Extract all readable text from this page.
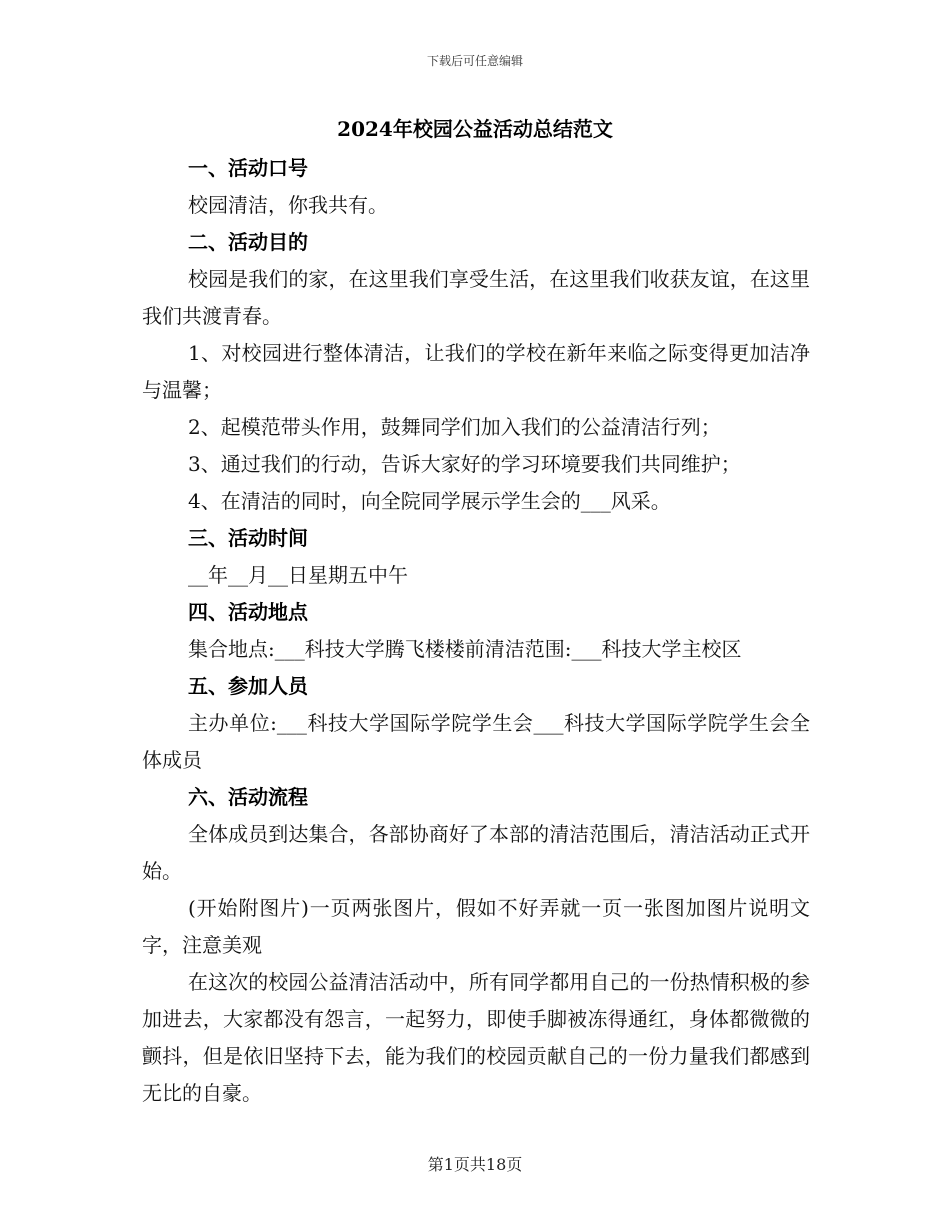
下载后可任意编辑
2024年校园公益活动总结范文
一、活动口号
校园清洁，你我共有。
二、活动目的
校园是我们的家，在这里我们享受生活，在这里我们收获友谊，在这里我们共渡青春。
1、对校园进行整体清洁，让我们的学校在新年来临之际变得更加洁净与温馨；
2、起模范带头作用，鼓舞同学们加入我们的公益清洁行列；
3、通过我们的行动，告诉大家好的学习环境要我们共同维护；
4、在清洁的同时，向全院同学展示学生会的___风采。
三、活动时间
__年__月__日星期五中午
四、活动地点
集合地点:___科技大学腾飞楼楼前清洁范围:___科技大学主校区
五、参加人员
主办单位:___科技大学国际学院学生会___科技大学国际学院学生会全体成员
六、活动流程
全体成员到达集合，各部协商好了本部的清洁范围后，清洁活动正式开始。
(开始附图片)一页两张图片，假如不好弄就一页一张图加图片说明文字，注意美观
在这次的校园公益清洁活动中，所有同学都用自己的一份热情积极的参加进去，大家都没有怨言，一起努力，即使手脚被冻得通红，身体都微微的颤抖，但是依旧坚持下去，能为我们的校园贡献自己的一份力量我们都感到无比的自豪。
第1页共18页
